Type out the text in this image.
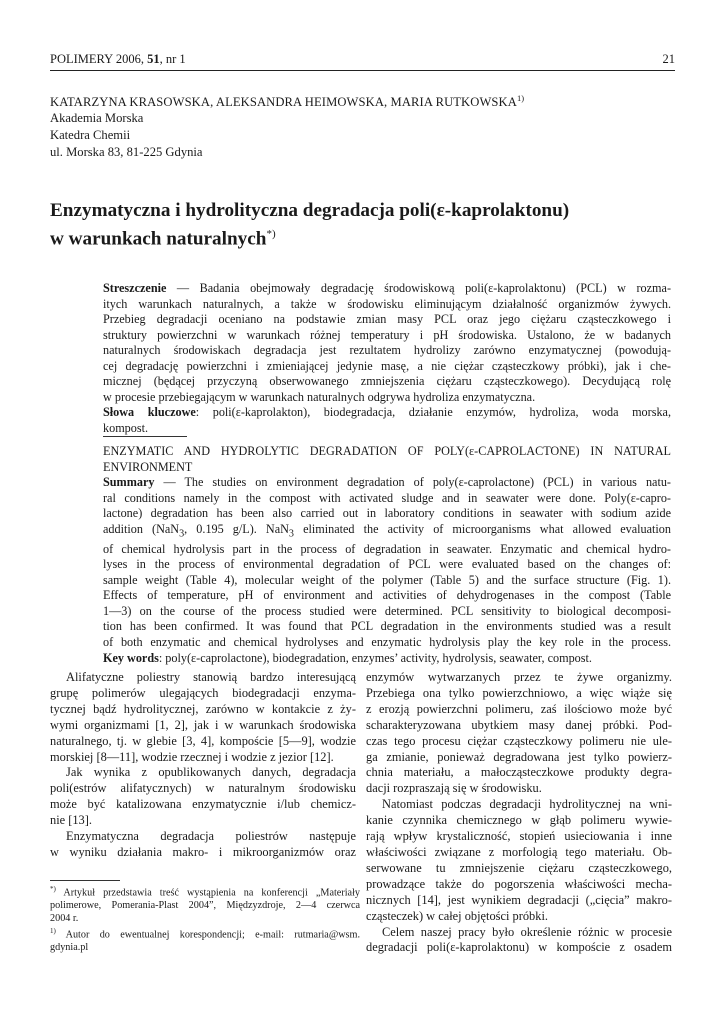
POLIMERY 2006, 51, nr 1	21
KATARZYNA KRASOWSKA, ALEKSANDRA HEIMOWSKA, MARIA RUTKOWSKA$^{1)}$
Akademia Morska
Katedra Chemii
ul. Morska 83, 81-225 Gdynia
Enzymatyczna i hydrolityczna degradacja poli(ε-kaprolaktonu)
w warunkach naturalnych*)
Streszczenie — Badania obejmowały degradację środowiskową poli(ε-kaprolaktonu) (PCL) w rozma-
itych warunkach naturalnych, a także w środowisku eliminującym działalność organizmów żywych.
Przebieg degradacji oceniano na podstawie zmian masy PCL oraz jego ciężaru cząsteczkowego i
struktury powierzchni w warunkach różnej temperatury i pH środowiska. Ustalono, że w badanych
naturalnych środowiskach degradacja jest rezultatem hydrolizy zarówno enzymatycznej (powodują-
cej degradację powierzchni i zmieniającej jedynie masę, a nie ciężar cząsteczkowy próbki), jak i che-
micznej (będącej przyczyną obserwowanego zmniejszenia ciężaru cząsteczkowego). Decydującą rolę
w procesie przebiegającym w warunkach naturalnych odgrywa hydroliza enzymatyczna.
Słowa kluczowe: poli(ε-kaprolakton), biodegradacja, działanie enzymów, hydroliza, woda morska,
kompost.
ENZYMATIC AND HYDROLYTIC DEGRADATION OF POLY(ε-CAPROLACTONE) IN NATURAL
ENVIRONMENT
Summary — The studies on environment degradation of poly(ε-caprolactone) (PCL) in various natu-
ral conditions namely in the compost with activated sludge and in seawater were done. Poly(ε-capro-
lactone) degradation has been also carried out in laboratory conditions in seawater with sodium azide
addition (NaN$_3$, 0.195 g/L). NaN$_3$ eliminated the activity of microorganisms what allowed evaluation
of chemical hydrolysis part in the process of degradation in seawater. Enzymatic and chemical hydro-
lyses in the process of environmental degradation of PCL were evaluated based on the changes of:
sample weight (Table 4), molecular weight of the polymer (Table 5) and the surface structure (Fig. 1).
Effects of temperature, pH of environment and activities of dehydrogenases in the compost (Table
1—3) on the course of the process studied were determined. PCL sensitivity to biological decomposi-
tion has been confirmed. It was found that PCL degradation in the environments studied was a result
of both enzymatic and chemical hydrolyses and enzymatic hydrolysis play the key role in the process.
Key words: poly(ε-caprolactone), biodegradation, enzymes’ activity, hydrolysis, seawater, compost.
Alifatyczne poliestry stanowią bardzo interesującą
grupę polimerów ulegających biodegradacji enzyma-
tycznej bądź hydrolitycznej, zarówno w kontakcie z ży-
wymi organizmami [1, 2], jak i w warunkach środowiska
naturalnego, tj. w glebie [3, 4], kompoście [5—9], wodzie
morskiej [8—11], wodzie rzecznej i wodzie z jezior [12].
Jak wynika z opublikowanych danych, degradacja
poli(estrów alifatycznych) w naturalnym środowisku
może być katalizowana enzymatycznie i/lub chemicz-
nie [13].
Enzymatyczna degradacja poliestrów następuje
w wyniku działania makro- i mikroorganizmów oraz
enzymów wytwarzanych przez te żywe organizmy.
Przebiega ona tylko powierzchniowo, a więc wiąże się
z erozją powierzchni polimeru, zaś ilościowo może być
scharakteryzowana ubytkiem masy danej próbki. Pod-
czas tego procesu ciężar cząsteczkowy polimeru nie ule-
ga zmianie, ponieważ degradowana jest tylko powierz-
chnia materiału, a małocząsteczkowe produkty degra-
dacji rozpraszają się w środowisku.
Natomiast podczas degradacji hydrolitycznej na wni-
kanie czynnika chemicznego w głąb polimeru wywie-
rają wpływ krystaliczność, stopień usieciowania i inne
właściwości związane z morfologią tego materiału. Ob-
serwowane tu zmniejszenie ciężaru cząsteczkowego,
prowadzące także do pogorszenia właściwości mecha-
nicznych [14], jest wynikiem degradacji („cięcia” makro-
cząsteczek) w całej objętości próbki.
Celem naszej pracy było określenie różnic w procesie
degradacji poli(ε-kaprolaktonu) w kompoście z osadem
*) Artykuł przedstawia treść wystąpienia na konferencji „Materiały
polimerowe, Pomerania-Plast 2004”, Międzyzdroje, 2—4 czerwca
2004 r.
$^{1)}$ Autor do ewentualnej korespondencji; e-mail: rutmaria@wsm.
gdynia.pl
